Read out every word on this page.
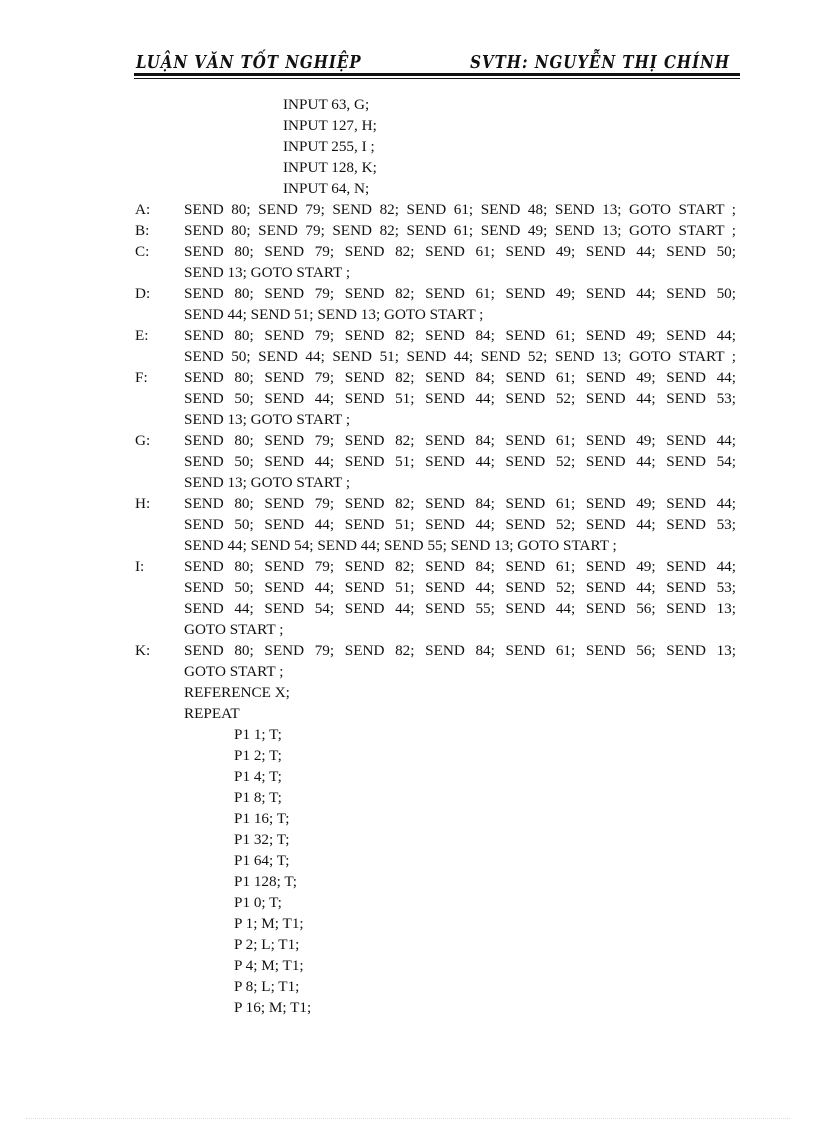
LUẬN VĂN TỐT NGHIỆP	SVTH: NGUYỄN THỊ CHÍNH
INPUT 63, G;
INPUT 127, H;
INPUT 255, I ;
INPUT 128, K;
INPUT 64, N;
A:
B:
C:
D:
E:
F:
G:
H:
I:
K:
SEND 80; SEND 79; SEND 82; SEND 61; SEND 48; SEND 13; GOTO START ;
SEND 80; SEND 79; SEND 82; SEND 61; SEND 49; SEND 13; GOTO START ;
SEND 80; SEND 79; SEND 82; SEND 61; SEND 49; SEND 44; SEND 50;
SEND 13; GOTO START ;
SEND 80; SEND 79; SEND 82; SEND 61; SEND 49; SEND 44; SEND 50;
SEND 44; SEND 51; SEND 13; GOTO START ;
SEND 80; SEND 79; SEND 82; SEND 84; SEND 61; SEND 49; SEND 44;
SEND 50; SEND 44; SEND 51; SEND 44; SEND 52; SEND 13; GOTO START ;
SEND 80; SEND 79; SEND 82; SEND 84; SEND 61; SEND 49; SEND 44;
SEND 50; SEND 44; SEND 51; SEND 44; SEND 52; SEND 44; SEND 53;
SEND 13; GOTO START ;
SEND 80; SEND 79; SEND 82; SEND 84; SEND 61; SEND 49; SEND 44;
SEND 50; SEND 44; SEND 51; SEND 44; SEND 52; SEND 44; SEND 54;
SEND 13; GOTO START ;
SEND 80; SEND 79; SEND 82; SEND 84; SEND 61; SEND 49; SEND 44;
SEND 50; SEND 44; SEND 51; SEND 44; SEND 52; SEND 44; SEND 53;
SEND 44; SEND 54; SEND 44; SEND 55; SEND 13; GOTO START ;
SEND 80; SEND 79; SEND 82; SEND 84; SEND 61; SEND 49; SEND 44;
SEND 50; SEND 44; SEND 51; SEND 44; SEND 52; SEND 44; SEND 53;
SEND 44; SEND 54; SEND 44; SEND 55; SEND 44; SEND 56; SEND 13;
GOTO START ;
SEND 80; SEND 79; SEND 82; SEND 84; SEND 61; SEND 56; SEND 13;
GOTO START ;
REFERENCE X;
REPEAT
P1 1; T;
P1 2; T;
P1 4; T;
P1 8; T;
P1 16; T;
P1 32; T;
P1 64; T;
P1 128; T;
P1 0; T;
P 1; M; T1;
P 2; L; T1;
P 4; M; T1;
P 8; L; T1;
P 16; M; T1;
